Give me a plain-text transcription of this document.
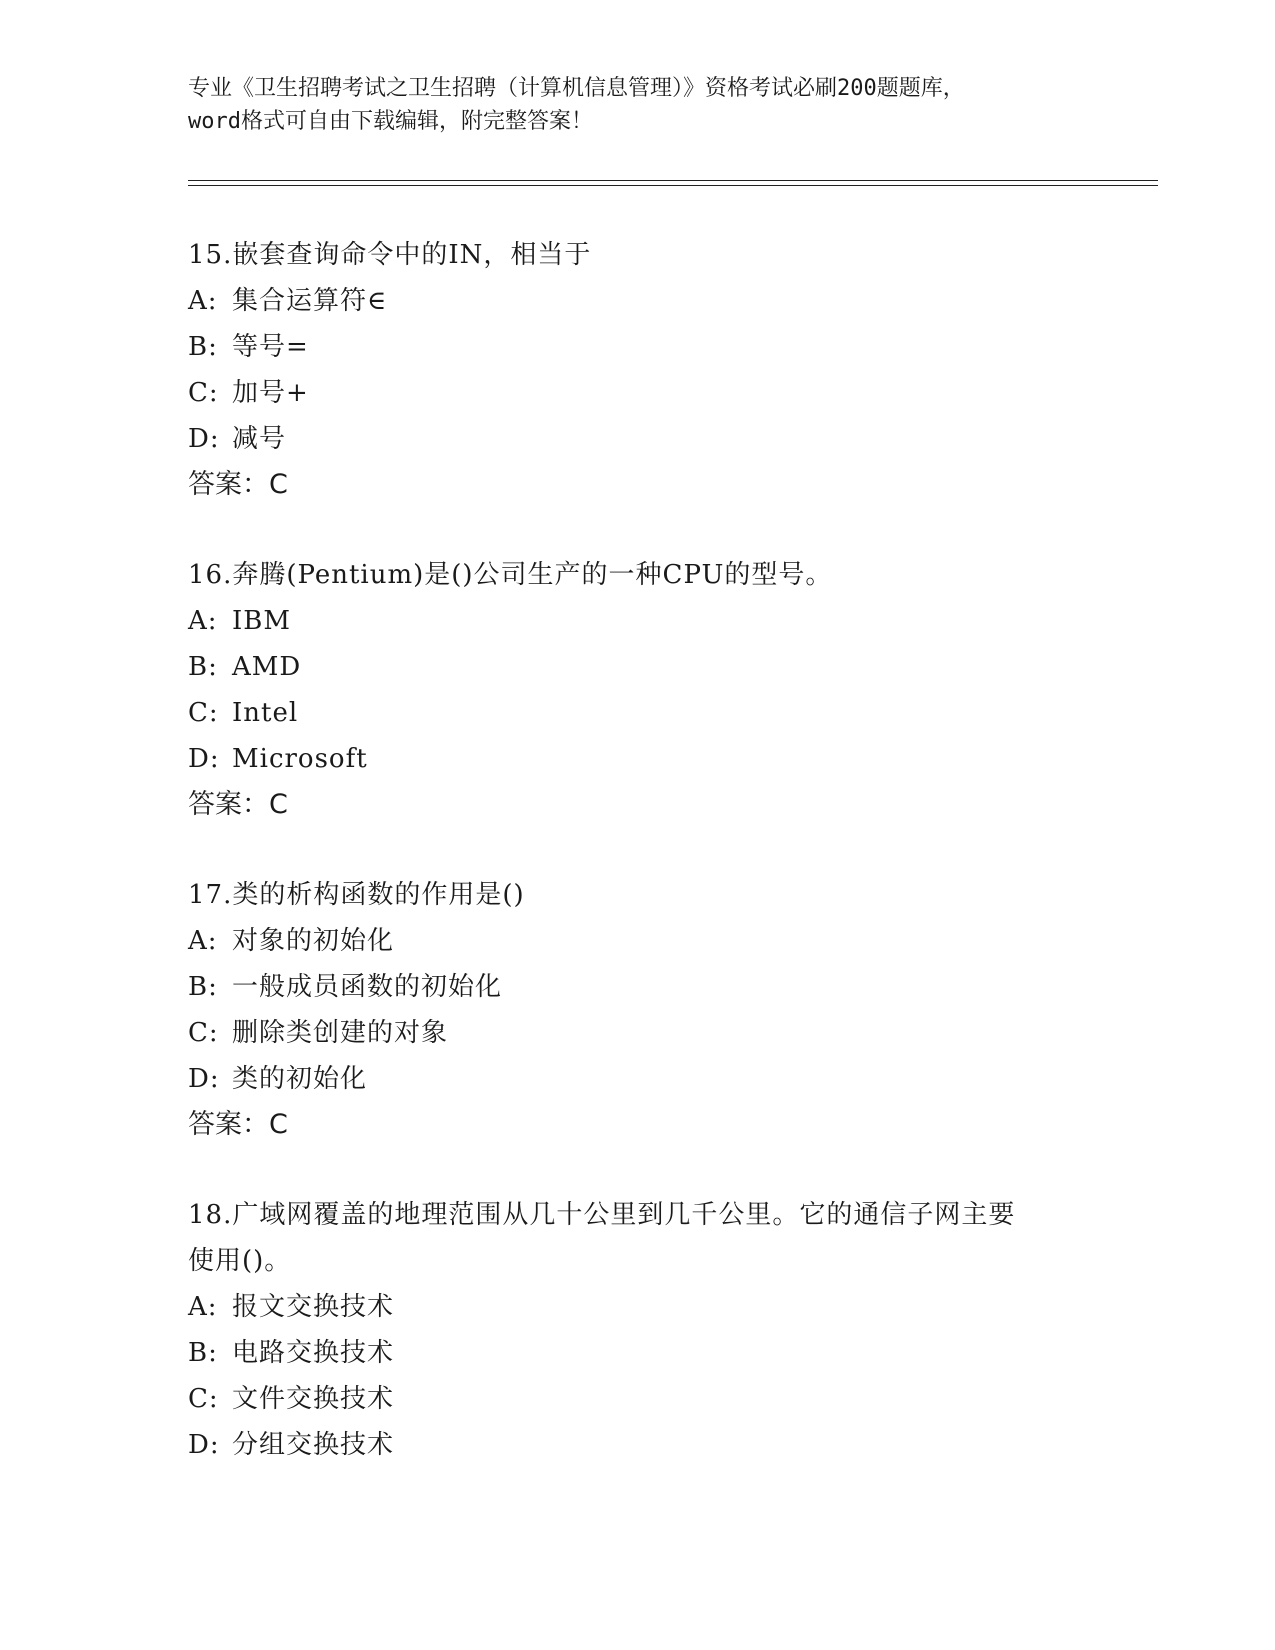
专业《卫生招聘考试之卫生招聘（计算机信息管理）》资格考试必刷200题题库，
word格式可自由下载编辑，附完整答案！
15.嵌套查询命令中的IN，相当于
A: 集合运算符∈
B: 等号=
C: 加号+
D: 减号
答案：C
16.奔腾(Pentium)是()公司生产的一种CPU的型号。
A: IBM
B: AMD
C: Intel
D: Microsoft
答案：C
17.类的析构函数的作用是()
A: 对象的初始化
B: 一般成员函数的初始化
C: 删除类创建的对象
D: 类的初始化
答案：C
18.广域网覆盖的地理范围从几十公里到几千公里。它的通信子网主要
使用()。
A: 报文交换技术
B: 电路交换技术
C: 文件交换技术
D: 分组交换技术
